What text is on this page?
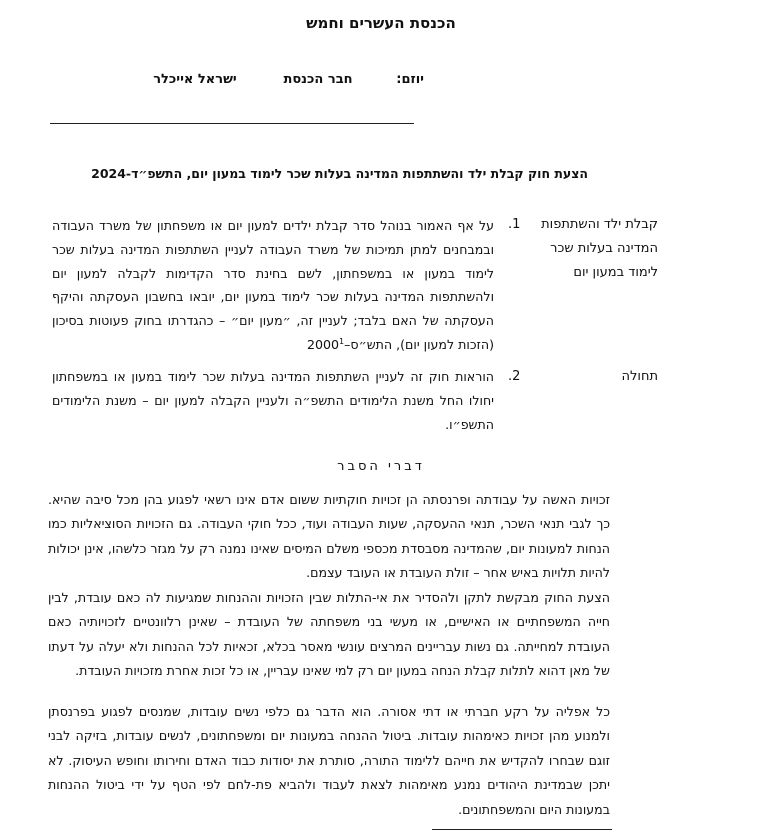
הכנסת העשרים וחמש
יוזם:
חבר הכנסת
ישראל אייכלר
הצעת חוק קבלת ילד והשתתפות המדינה בעלות שכר לימוד במעון יום, התשפ״ד-2024
קבלת ילד והשתתפות המדינה בעלות שכר לימוד במעון יום
1.
על אף האמור בנוהל סדר קבלת ילדים למעון יום או משפחתון של משרד העבודה ובמבחנים למתן תמיכות של משרד העבודה לעניין השתתפות המדינה בעלות שכר לימוד במעון או במשפחתון, לשם בחינת סדר הקדימות לקבלה למעון יום ולהשתתפות המדינה בעלות שכר לימוד במעון יום, יובאו בחשבון העסקתה והיקף העסקתה של האם בלבד; לעניין זה, ״מעון יום״ – כהגדרתו בחוק פעוטות בסיכון (הזכות למעון יום), התש״ס–2000$^1$
תחולה
2.
הוראות חוק זה לעניין השתתפות המדינה בעלות שכר לימוד במעון או במשפחתון יחולו החל משנת הלימודים התשפ״ה ולעניין הקבלה למעון יום – משנת הלימודים התשפ״ו.
דברי הסבר
זכויות האשה על עבודתה ופרנסתה הן זכויות חוקתיות ששום אדם אינו רשאי לפגוע בהן מכל סיבה שהיא. כך לגבי תנאי השכר, תנאי ההעסקה, שעות העבודה ועוד, ככל חוקי העבודה. גם הזכויות הסוציאליות כמו הנחות למעונות יום, שהמדינה מסבסדת מכספי משלם המיסים שאינו נמנה רק על מגזר כלשהו, אינן יכולות להיות תלויות באיש אחר – זולת העובדת או העובד עצמם.
הצעת החוק מבקשת לתקן ולהסדיר את אי-התלות שבין הזכויות וההנחות שמגיעות לה כאם עובדת, לבין חייה המשפחתיים או האישיים, או מעשי בני משפחתה של העובדת – שאינן רלוונטיים לזכויותיה כאם העובדת למחייתה. גם נשות עבריינים המרצים עונשי מאסר בכלא, זכאיות לכל ההנחות ולא יעלה על דעתו של מאן דהוא לתלות קבלת הנחה במעון יום רק למי שאינו עבריין, או כל זכות אחרת מזכויות העובדת.
כל אפליה על רקע חברתי או דתי אסורה. הוא הדבר גם כלפי נשים עובדות, שמנסים לפגוע בפרנסתן ולמנוע מהן זכויות כאימהות עובדות. ביטול ההנחה במעונות יום ומשפחתונים, לנשים עובדות, בזיקה לבני זוגם שבחרו להקדיש את חייהם ללימוד התורה, סותרת את יסודות כבוד האדם וחירותו וחופש העיסוק. לא יתכן שבמדינת היהודים נמנע מאימהות לצאת לעבוד ולהביא פת-לחם לפי הטף על ידי ביטול ההנחות במעונות היום והמשפחתונים.
